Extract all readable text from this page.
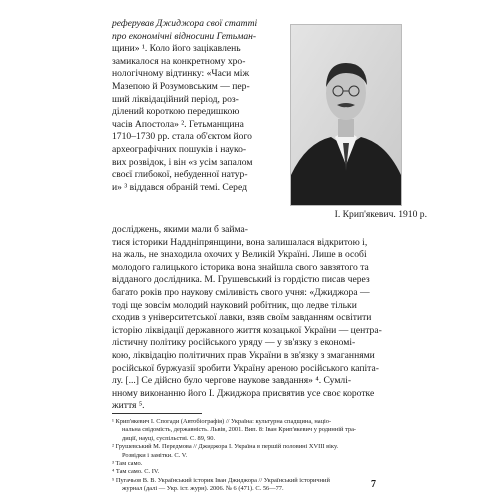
реферував Джиджора свої статті
про економічні відносини Гетьман-
щини» ¹. Коло його зацікавлень
замикалося на конкретному хро-
нологічному відтинку: «Часи між
Мазепою й Розумовським — пер-
ший ліквідаційний період, роз-
ділений короткою передишкою
часів Апостола» ². Гетьманщина
1710–1730 рр. стала об'єктом його
археографічних пошуків і науко-
вих розвідок, і він «з усім запалом
своєї глибокої, небуденної натур-
и» ³ віддався обраній темі. Серед
І. Крип'якевич. 1910 р.
досліджень, якими мали б займа-
тися історики Наддніпрянщини, вона залишалася відкритою і,
на жаль, не знаходила охочих у Великій Україні. Лише в особі
молодого галицького історика вона знайшла свого завзятого та
відданого дослідника. М. Грушевський із гордістю писав через
багато років про наукову сміливість свого учня: «Джиджора —
тоді ще зовсім молодий науковий робітник, що ледве тільки
сходив з університетської лавки, взяв своїм завданням освітити
історію ліквідації державного життя козацької України — центра-
лістичну політику російського уряду — у зв'язку з економі-
кою, ліквідацію політичних прав України в зв'язку з змаганнями
російської буржуазії зробити Україну ареною російського капіта-
лу. [...] Се дійсно було чергове наукове завдання» ⁴. Сумлі-
нному виконанню його І. Джиджора присвятив усе своє коротке
життя ⁵.
¹ Крип'якевич І. Спогади (Автобіографія) // Україна: культурна спадщина, націо-
нальна свідомість, державність. Львів, 2001. Вип. 8: Іван Крип'якевич у родинній тра-
диції, науці, суспільстві. С. 89, 90.
² Грушевський М. Передмова // Джиджора І. Україна в першій половині XVIII віку.
Розвідки і замітки. С. V.
³ Там само.
⁴ Там само. С. IV.
⁵ Пугачьов В. В. Український історик Іван Джиджора // Український історичний
журнал (далі — Укр. іст. журн). 2006. № 6 (471). С. 56—77.	7
